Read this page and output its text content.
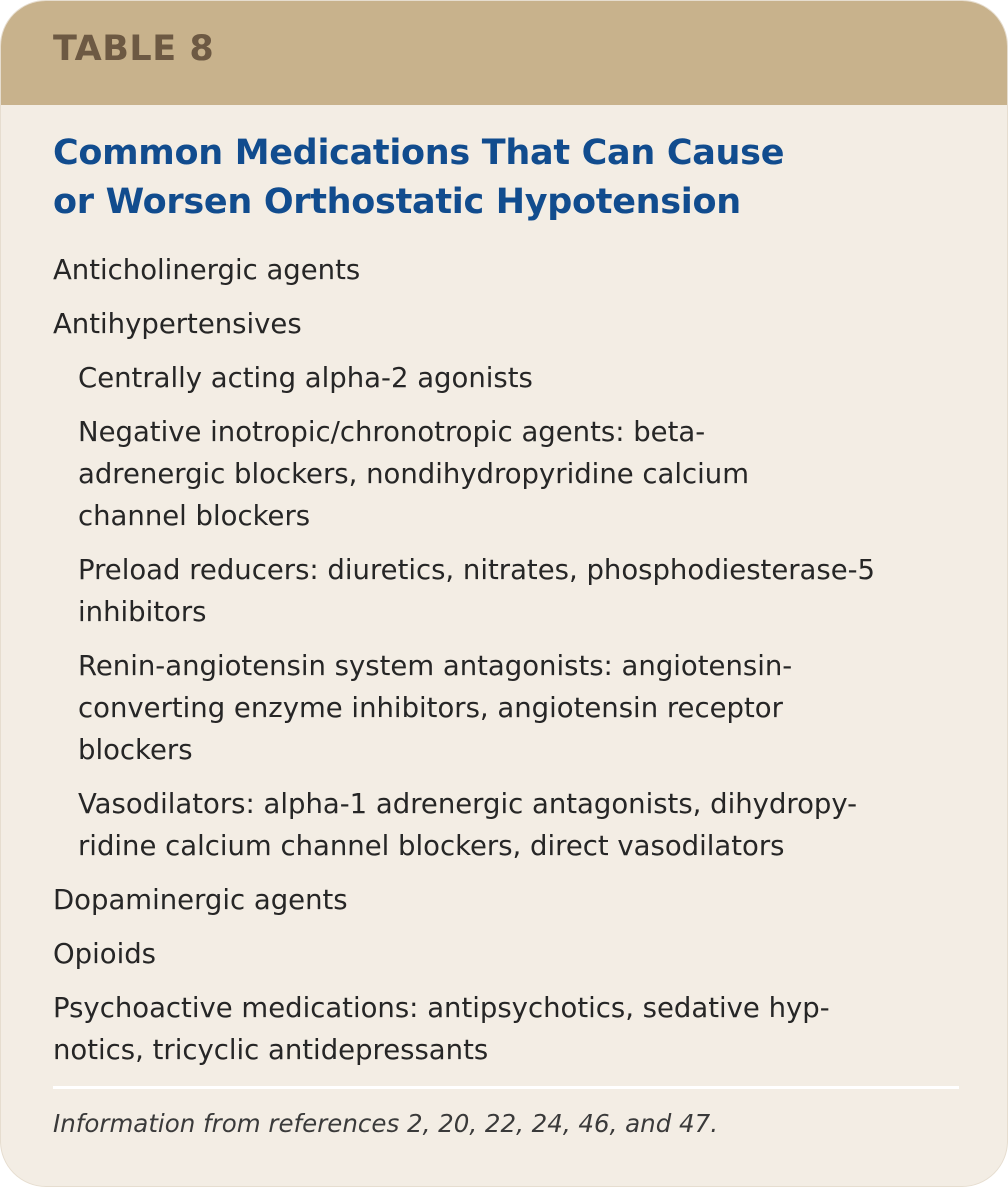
TABLE 8
Common Medications That Can Cause
or Worsen Orthostatic Hypotension
Anticholinergic agents
Antihypertensives
Centrally acting alpha-2 agonists
Negative inotropic/chronotropic agents: beta-
adrenergic blockers, nondihydropyridine calcium
channel blockers
Preload reducers: diuretics, nitrates, phosphodiesterase-5
inhibitors
Renin-angiotensin system antagonists: angiotensin-
converting enzyme inhibitors, angiotensin receptor
blockers
Vasodilators: alpha-1 adrenergic antagonists, dihydropy-
ridine calcium channel blockers, direct vasodilators
Dopaminergic agents
Opioids
Psychoactive medications: antipsychotics, sedative hyp-
notics, tricyclic antidepressants
Information from references 2, 20, 22, 24, 46, and 47.
